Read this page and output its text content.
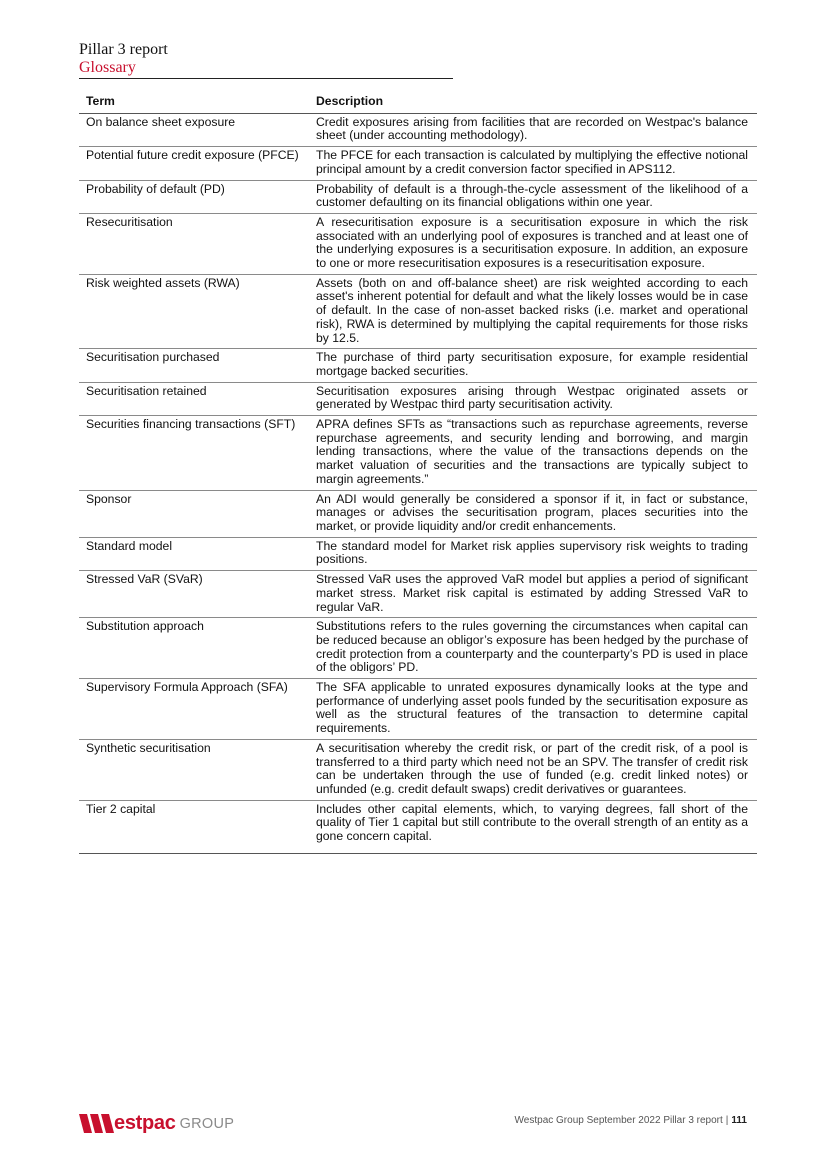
Pillar 3 report
Glossary
Term	Description
On balance sheet exposure	Credit exposures arising from facilities that are recorded on Westpac's balance sheet (under accounting methodology).
Potential future credit exposure (PFCE)	The PFCE for each transaction is calculated by multiplying the effective notional principal amount by a credit conversion factor specified in APS112.
Probability of default (PD)	Probability of default is a through-the-cycle assessment of the likelihood of a customer defaulting on its financial obligations within one year.
Resecuritisation	A resecuritisation exposure is a securitisation exposure in which the risk associated with an underlying pool of exposures is tranched and at least one of the underlying exposures is a securitisation exposure. In addition, an exposure to one or more resecuritisation exposures is a resecuritisation exposure.
Risk weighted assets (RWA)	Assets (both on and off-balance sheet) are risk weighted according to each asset's inherent potential for default and what the likely losses would be in case of default. In the case of non-asset backed risks (i.e. market and operational risk), RWA is determined by multiplying the capital requirements for those risks by 12.5.
Securitisation purchased	The purchase of third party securitisation exposure, for example residential mortgage backed securities.
Securitisation retained	Securitisation exposures arising through Westpac originated assets or generated by Westpac third party securitisation activity.
Securities financing transactions (SFT)	APRA defines SFTs as “transactions such as repurchase agreements, reverse repurchase agreements, and security lending and borrowing, and margin lending transactions, where the value of the transactions depends on the market valuation of securities and the transactions are typically subject to margin agreements.”
Sponsor	An ADI would generally be considered a sponsor if it, in fact or substance, manages or advises the securitisation program, places securities into the market, or provide liquidity and/or credit enhancements.
Standard model	The standard model for Market risk applies supervisory risk weights to trading positions.
Stressed VaR (SVaR)	Stressed VaR uses the approved VaR model but applies a period of significant market stress. Market risk capital is estimated by adding Stressed VaR to regular VaR.
Substitution approach	Substitutions refers to the rules governing the circumstances when capital can be reduced because an obligor’s exposure has been hedged by the purchase of credit protection from a counterparty and the counterparty’s PD is used in place of the obligors’ PD.
Supervisory Formula Approach (SFA)	The SFA applicable to unrated exposures dynamically looks at the type and performance of underlying asset pools funded by the securitisation exposure as well as the structural features of the transaction to determine capital requirements.
Synthetic securitisation	A securitisation whereby the credit risk, or part of the credit risk, of a pool is transferred to a third party which need not be an SPV. The transfer of credit risk can be undertaken through the use of funded (e.g. credit linked notes) or unfunded (e.g. credit default swaps) credit derivatives or guarantees.
Tier 2 capital	Includes other capital elements, which, to varying degrees, fall short of the quality of Tier 1 capital but still contribute to the overall strength of an entity as a gone concern capital.
estpac GROUP	Westpac Group September 2022 Pillar 3 report | 111
